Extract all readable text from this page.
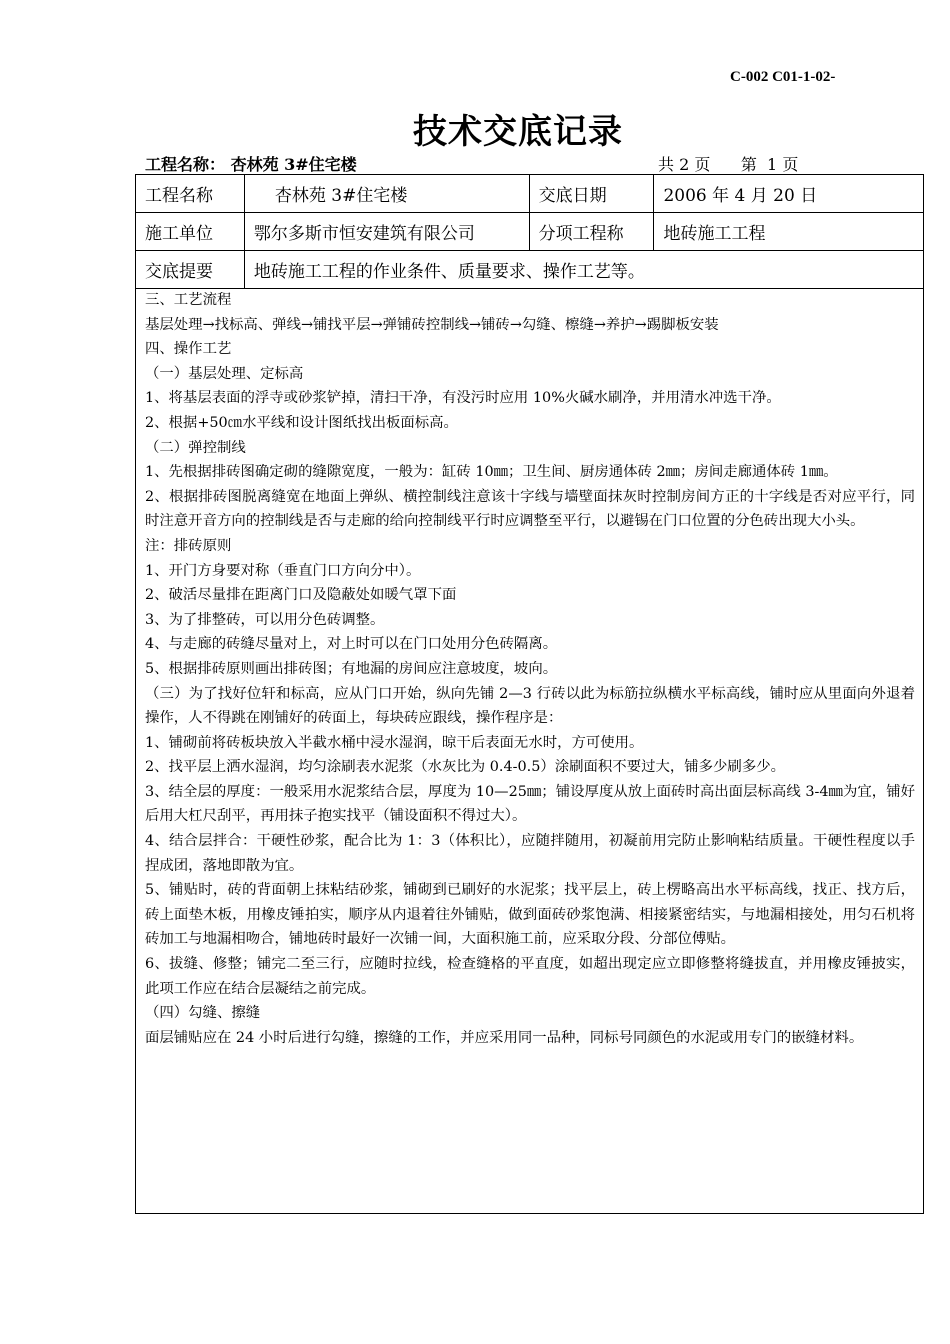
C-002 C01-1-02-
技术交底记录
工程名称： 杏林苑 3#住宅楼	共 2 页 第  1 页
工程名称	杏林苑 3#住宅楼	交底日期	2006 年 4 月 20 日
施工单位	鄂尔多斯市恒安建筑有限公司	分项工程称	地砖施工工程
交底提要	地砖施工工程的作业条件、质量要求、操作工艺等。		

三、工艺流程

基层处理→找标高、弹线→铺找平层→弹铺砖控制线→铺砖→勾缝、檫缝→养护→踢脚板安装

四、操作工艺

（一）基层处理、定标高

1、将基层表面的浮寺或砂浆铲掉，清扫干净，有没污时应用 10%火碱水刷净，并用清水冲选干净。

2、根据+50㎝水平线和设计图纸找出板面标高。

（二）弹控制线

1、先根据排砖图确定砌的缝隙宽度，一般为：缸砖 10㎜；卫生间、厨房通体砖 2㎜；房间走廊通体砖 1㎜。

2、根据排砖图脱离缝宽在地面上弹纵、横控制线注意该十字线与墙壁面抹灰时控制房间方正的十字线是否对应平行，同时注意开音方向的控制线是否与走廊的给向控制线平行时应调整至平行，以避锡在门口位置的分色砖出现大小头。

注：排砖原则

1、开门方身要对称（垂直门口方向分中）。

2、破活尽量排在距离门口及隐蔽处如暖气罩下面

3、为了排整砖，可以用分色砖调整。

4、与走廊的砖缝尽量对上，对上时可以在门口处用分色砖隔离。

5、根据排砖原则画出排砖图；有地漏的房间应注意坡度，坡向。

（三）为了找好位轩和标高，应从门口开始，纵向先铺 2—3 行砖以此为标筋拉纵横水平标高线，铺时应从里面向外退着操作，人不得跳在刚铺好的砖面上，每块砖应跟线，操作程序是：

1、铺砌前将砖板块放入半截水桶中浸水湿润，晾干后表面无水时，方可使用。

2、找平层上洒水湿润，均匀涂刷表水泥浆（水灰比为 0.4-0.5）涂刷面积不要过大，铺多少刷多少。

3、结全层的厚度：一般采用水泥浆结合层，厚度为 10—25㎜；铺设厚度从放上面砖时高出面层标高线 3-4㎜为宜，铺好后用大杠尺刮平，再用抹子抱实找平（铺设面积不得过大）。

4、结合层拌合：干硬性砂浆，配合比为 1：3（体积比），应随拌随用，初凝前用完防止影响粘结质量。干硬性程度以手捏成团，落地即散为宜。

5、铺贴时，砖的背面朝上抹粘结砂浆，铺砌到已刷好的水泥浆；找平层上，砖上楞略高出水平标高线，找正、找方后，砖上面垫木板，用橡皮锤拍实，顺序从内退着往外铺贴，做到面砖砂浆饱满、相接紧密结实，与地漏相接处，用匀石机将砖加工与地漏相吻合，铺地砖时最好一次铺一间，大面积施工前，应采取分段、分部位傅贴。

6、拔缝、修整；铺完二至三行，应随时拉线，检查缝格的平直度，如超出现定应立即修整将缝拔直，并用橡皮锤披实，此项工作应在结合层凝结之前完成。

（四）勾缝、擦缝

面层铺贴应在 24 小时后进行勾缝，擦缝的工作，并应采用同一品种，同标号同颜色的水泥或用专门的嵌缝材料。
